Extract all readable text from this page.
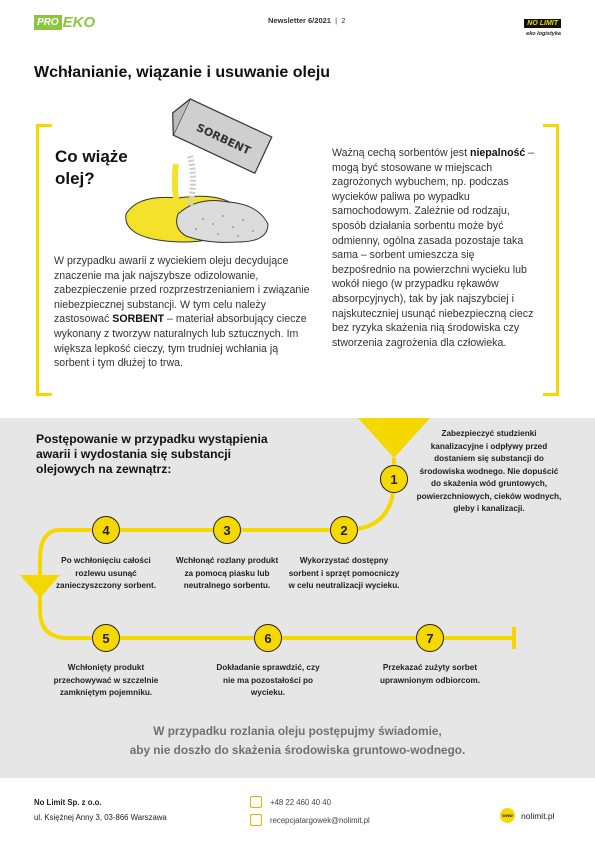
PRO EKO	Newsletter 6/2021 | 2	NO LIMIT
eko logistyka
Wchłanianie, wiązanie i usuwanie oleju
Co wiąże
olej?
SORBENT
W przypadku awarii z wyciekiem oleju decydujące znaczenie ma jak najszybsze odizolowanie, zabezpieczenie przed rozprzestrzenianiem i związanie niebezpiecznej substancji. W tym celu należy zastosować SORBENT – materiał absorbujący ciecze wykonany z tworzyw naturalnych lub sztucznych. Im większa lepkość cieczy, tym trudniej wchłania ją sorbent i tym dłużej to trwa.
Ważną cechą sorbentów jest niepalność – mogą być stosowane w miejscach zagrożonych wybuchem, np. podczas wycieków paliwa po wypadku samochodowym. Zależnie od rodzaju, sposób działania sorbentu może być odmienny, ogólna zasada pozostaje taka sama – sorbent umieszcza się bezpośrednio na powierzchni wycieku lub wokół niego (w przypadku rękawów absorpcyjnych), tak by jak najszybciej i najskuteczniej usunąć niebezpieczną ciecz bez ryzyka skażenia nią środowiska czy stworzenia zagrożenia dla człowieka.
Postępowanie w przypadku wystąpienia awarii i wydostania się substancji olejowych na zewnątrz:
1
2
3
4
5	6	7
Zabezpieczyć studzienki kanalizacyjne i odpływy przed dostaniem się substancji do środowiska wodnego. Nie dopuścić do skażenia wód gruntowych, powierzchniowych, cieków wodnych, gleby i kanalizacji.
Wykorzystać dostępny sorbent i sprzęt pomocniczy w celu neutralizacji wycieku.
Wchłonąć rozlany produkt za pomocą piasku lub neutralnego sorbentu.
Po wchłonięciu całości rozlewu usunąć zanieczyszczony sorbent.
Wchłonięty produkt przechowywać w szczelnie zamkniętym pojemniku.
Dokładanie sprawdzić, czy nie ma pozostałości po wycieku.
Przekazać zużyty sorbet uprawnionym odbiorcom.
W przypadku rozlania oleju postępujmy świadomie,
aby nie doszło do skażenia środowiska gruntowo-wodnego.
No Limit Sp. z o.o.
ul. Księżnej Anny 3, 03-866 Warszawa
+48 22 460 40 40
recepcjatargowek@nolimit.pl	www nolimit.pl
